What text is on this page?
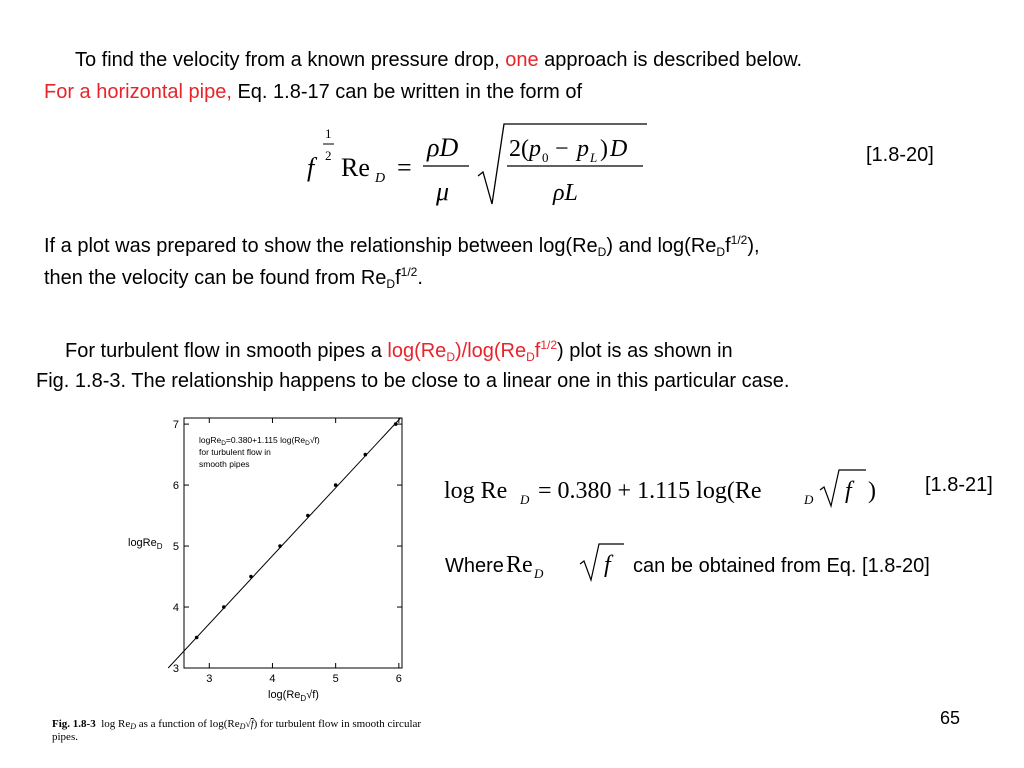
To find the velocity from a known pressure drop, one approach is described below.
For a horizontal pipe, Eq. 1.8-17 can be written in the form of
f
1
2 Re D =
ρD
μ
2( p 0 − p L ) D
ρL
[1.8-20]
If a plot was prepared to show the relationship between $\log(Re_D)$ and $\log(Re_Df^{1/2})$,
then the velocity can be found from $Re_Df^{1/2}$.
For turbulent flow in smooth pipes a $\log(Re_D)/\log(Re_Df^{1/2})$ plot is as shown in
Fig. 1.8-3. The relationship happens to be close to a linear one in this particular case.
3	4	5	6
3
4
5
6
7
logRe$_D$
$\log(Re_D√f)$
logRe$_D$=0.380+1.115 $\log(Re_D√f)$
for turbulent flow in
smooth pipes
Fig. 1.8-3 $\log Re_D$ as a function of $\log(Re_D√f)$ for turbulent flow in smooth circular
pipes.
log Re D = 0.380 + 1.115 log(Re	D f ) [1.8-21]
Where Re D	f can be obtained from Eq. [1.8-20]
65
